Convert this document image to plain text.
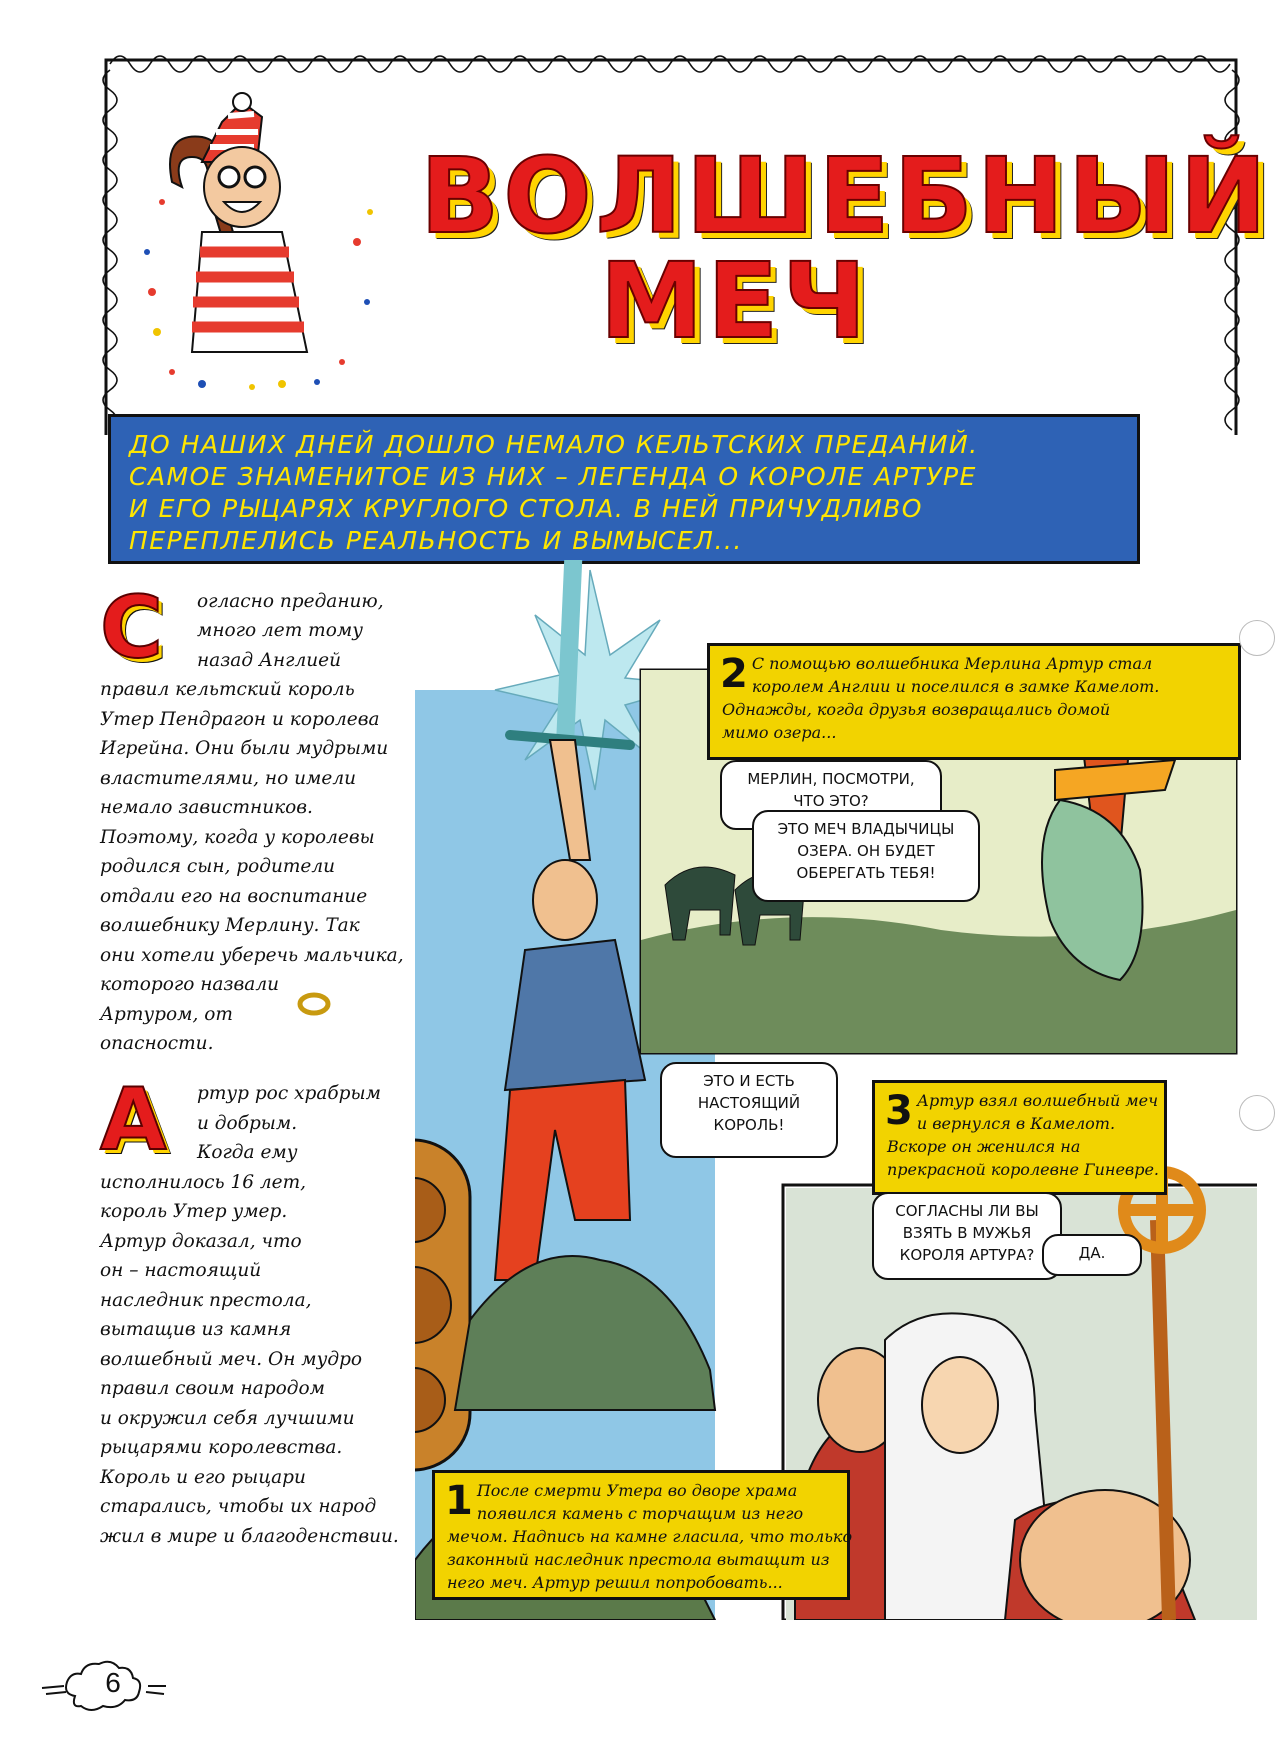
ВОЛШЕБНЫЙ
МЕЧ
ДО НАШИХ ДНЕЙ ДОШЛО НЕМАЛО КЕЛЬТСКИХ ПРЕДАНИЙ.
САМОЕ ЗНАМЕНИТОЕ ИЗ НИХ – ЛЕГЕНДА О КОРОЛЕ АРТУРЕ
И ЕГО РЫЦАРЯХ КРУГЛОГО СТОЛА. В НЕЙ ПРИЧУДЛИВО
ПЕРЕПЛЕЛИСЬ РЕАЛЬНОСТЬ И ВЫМЫСЕЛ...
С огласно преданию,
много лет тому
назад Англией
правил кельтский король
Утер Пендрагон и королева
Игрейна. Они были мудрыми
властителями, но имели
немало завистников.
Поэтому, когда у королевы
родился сын, родители
отдали его на воспитание
волшебнику Мерлину. Так
они хотели уберечь мальчика,
которого назвали
Артуром, от
опасности.
А ртур рос храбрым
и добрым.
Когда ему
исполнилось 16 лет,
король Утер умер.
Артур доказал, что
он – настоящий
наследник престола,
вытащив из камня
волшебный меч. Он мудро
правил своим народом
и окружил себя лучшими
рыцарями королевства.
Король и его рыцари
старались, чтобы их народ
жил в мире и благоденствии.
2 С помощью волшебника Мерлина Артур стал
королем Англии и поселился в замке Камелот.
Однажды, когда друзья возвращались домой
мимо озера...
3 Артур взял волшебный меч
и вернулся в Камелот.
Вскоре он женился на
прекрасной королевне Гиневре.
1 После смерти Утера во дворе храма
появился камень с торчащим из него
мечом. Надпись на камне гласила, что только
законный наследник престола вытащит из
него меч. Артур решил попробовать...
МЕРЛИН, ПОСМОТРИ,
ЧТО ЭТО?
ЭТО МЕЧ ВЛАДЫЧИЦЫ
ОЗЕРА. ОН БУДЕТ
ОБЕРЕГАТЬ ТЕБЯ!
ЭТО И ЕСТЬ
НАСТОЯЩИЙ
КОРОЛЬ!
СОГЛАСНЫ ЛИ ВЫ
ВЗЯТЬ В МУЖЬЯ
КОРОЛЯ АРТУРА?	ДА.
6
